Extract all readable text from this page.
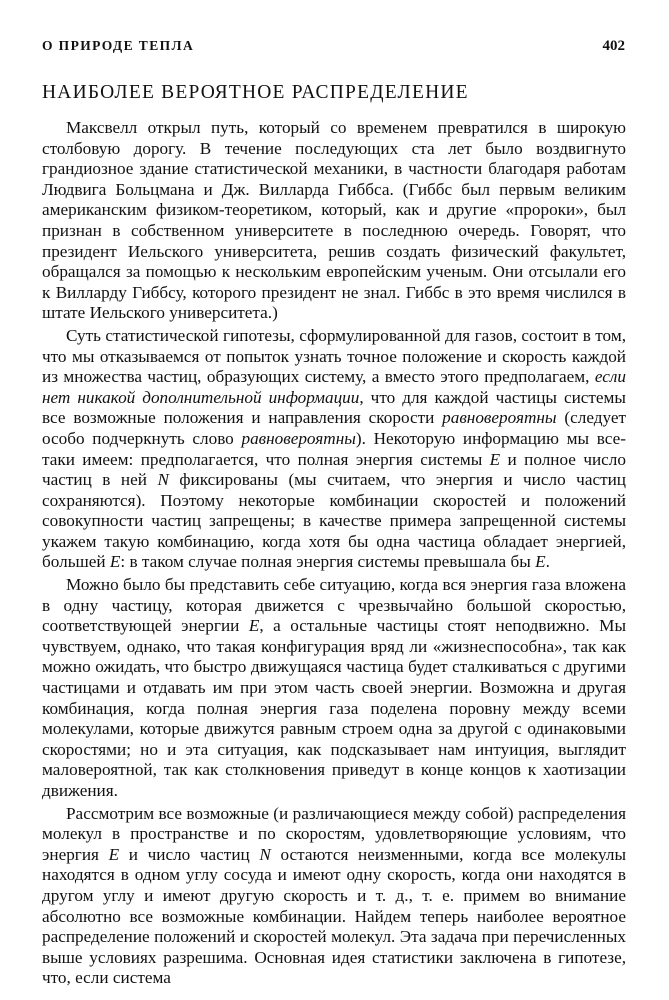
О ПРИРОДЕ ТЕПЛА	402
НАИБОЛЕЕ ВЕРОЯТНОЕ РАСПРЕДЕЛЕНИЕ

Максвелл открыл путь, который со временем превратился в широкую столбовую дорогу. В течение последующих ста лет было воздвигнуто грандиозное здание статистической механики, в частности благодаря работам Людвига Больцмана и Дж. Вилларда Гиббса. (Гиббс был первым великим американским физиком-теоретиком, который, как и другие «пророки», был признан в собственном университете в последнюю очередь. Говорят, что президент Иельского университета, решив создать физический факультет, обращался за помощью к нескольким европейским ученым. Они отсылали его к Вилларду Гиббсу, которого президент не знал. Гиббс в это время числился в штате Иельского университета.)

Суть статистической гипотезы, сформулированной для газов, состоит в том, что мы отказываемся от попыток узнать точное положение и скорость каждой из множества частиц, образующих систему, а вместо этого предполагаем, если нет никакой дополнительной информации, что для каждой частицы системы все возможные положения и направления скорости равновероятны (следует особо подчеркнуть слово равновероятны). Некоторую информацию мы все-таки имеем: предполагается, что полная энергия системы E и полное число частиц в ней N фиксированы (мы считаем, что энергия и число частиц сохраняются). Поэтому некоторые комбинации скоростей и положений совокупности частиц запрещены; в качестве примера запрещенной системы укажем такую комбинацию, когда хотя бы одна частица обладает энергией, большей E: в таком случае полная энергия системы превышала бы E.

Можно было бы представить себе ситуацию, когда вся энергия газа вложена в одну частицу, которая движется с чрезвычайно большой скоростью, соответствующей энергии E, а остальные частицы стоят неподвижно. Мы чувствуем, однако, что такая конфигурация вряд ли «жизнеспособна», так как можно ожидать, что быстро движущаяся частица будет сталкиваться с другими частицами и отдавать им при этом часть своей энергии. Возможна и другая комбинация, когда полная энергия газа поделена поровну между всеми молекулами, которые движутся равным строем одна за другой с одинаковыми скоростями; но и эта ситуация, как подсказывает нам интуиция, выглядит маловероятной, так как столкновения приведут в конце концов к хаотизации движения.

Рассмотрим все возможные (и различающиеся между собой) распределения молекул в пространстве и по скоростям, удовлетворяющие условиям, что энергия E и число частиц N остаются неизменными, когда все молекулы находятся в одном углу сосуда и имеют одну скорость, когда они находятся в другом углу и имеют другую скорость и т. д., т. е. примем во внимание абсолютно все возможные комбинации. Найдем теперь наиболее вероятное распределение положений и скоростей молекул. Эта задача при перечисленных выше условиях разрешима. Основная идея статистики заключена в гипотезе, что, если система
